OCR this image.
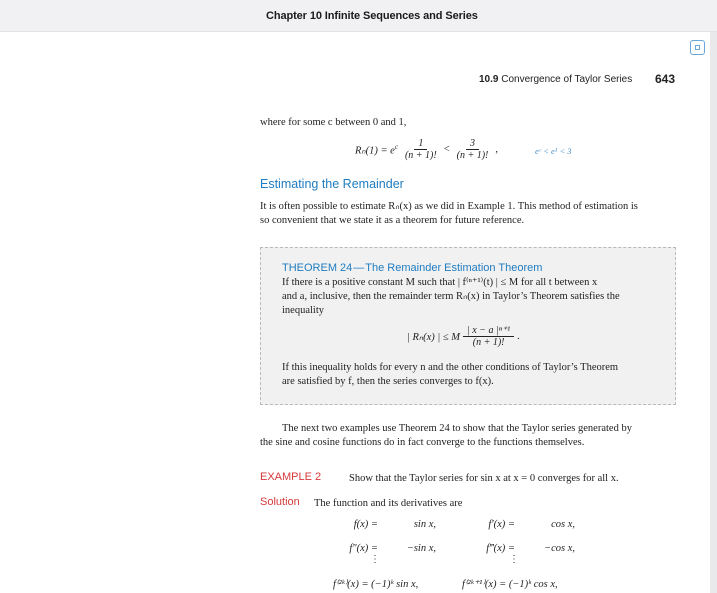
Chapter 10 Infinite Sequences and Series
10.9 Convergence of Taylor Series 643
where for some c between 0 and 1,
$R_n(1) = e^c \frac{1}{(n + 1)!} < \frac{3}{(n + 1)!}$ ,	eᶜ < e¹ < 3
Estimating the Remainder
It is often possible to estimate Rₙ(x) as we did in Example 1. This method of estimation is
so convenient that we state it as a theorem for future reference.
THEOREM 24—The Remainder Estimation Theorem
If there is a positive constant M such that | f⁽ⁿ⁺¹⁾(t) | ≤ M for all t between x
and a, inclusive, then the remainder term Rₙ(x) in Taylor’s Theorem satisfies the
inequality
| Rₙ(x) | ≤ M $\frac{\text{| x − a |ⁿ⁺¹}}{(n + 1)!}$ .
If this inequality holds for every n and the other conditions of Taylor’s Theorem
are satisfied by f, then the series converges to f(x).
The next two examples use Theorem 24 to show that the Taylor series generated by
the sine and cosine functions do in fact converge to the functions themselves.
EXAMPLE 2	Show that the Taylor series for sin x at x = 0 converges for all x.
Solution The function and its derivatives are
f(x) =	sin x,	f′(x) =	cos x,
f″(x) =	−sin x,	f‴(x) =	−cos x,
⋮	⋮
f⁽²ᵏ⁾(x) = (−1)ᵏ sin x,	f⁽²ᵏ⁺¹⁾(x) = (−1)ᵏ cos x,
